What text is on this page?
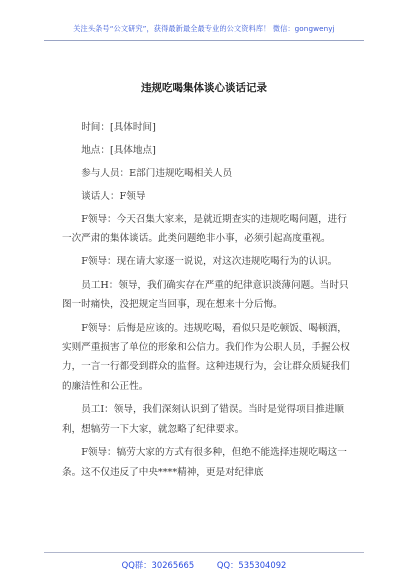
关注头条号“公文研究”，获得最新最全最专业的公文资料库！ 微信：gongwenyj
违规吃喝集体谈心谈话记录

时间：[具体时间]

地点：[具体地点]

参与人员：E部门违规吃喝相关人员

谈话人：F领导

F领导：今天召集大家来，是就近期查实的违规吃喝问题，进行一次严肃的集体谈话。此类问题绝非小事，必须引起高度重视。

F领导：现在请大家逐一说说，对这次违规吃喝行为的认识。

员工H：领导，我们确实存在严重的纪律意识淡薄问题。当时只图一时痛快，没把规定当回事，现在想来十分后悔。

F领导：后悔是应该的。违规吃喝，看似只是吃顿饭、喝顿酒，实则严重损害了单位的形象和公信力。我们作为公职人员，手握公权力，一言一行都受到群众的监督。这种违规行为，会让群众质疑我们的廉洁性和公正性。

员工I：领导，我们深刻认识到了错误。当时是觉得项目推进顺利，想犒劳一下大家，就忽略了纪律要求。

F领导：犒劳大家的方式有很多种，但绝不能选择违规吃喝这一条。这不仅违反了中央****精神，更是对纪律底

QQ群：30265665	QQ：535304092
